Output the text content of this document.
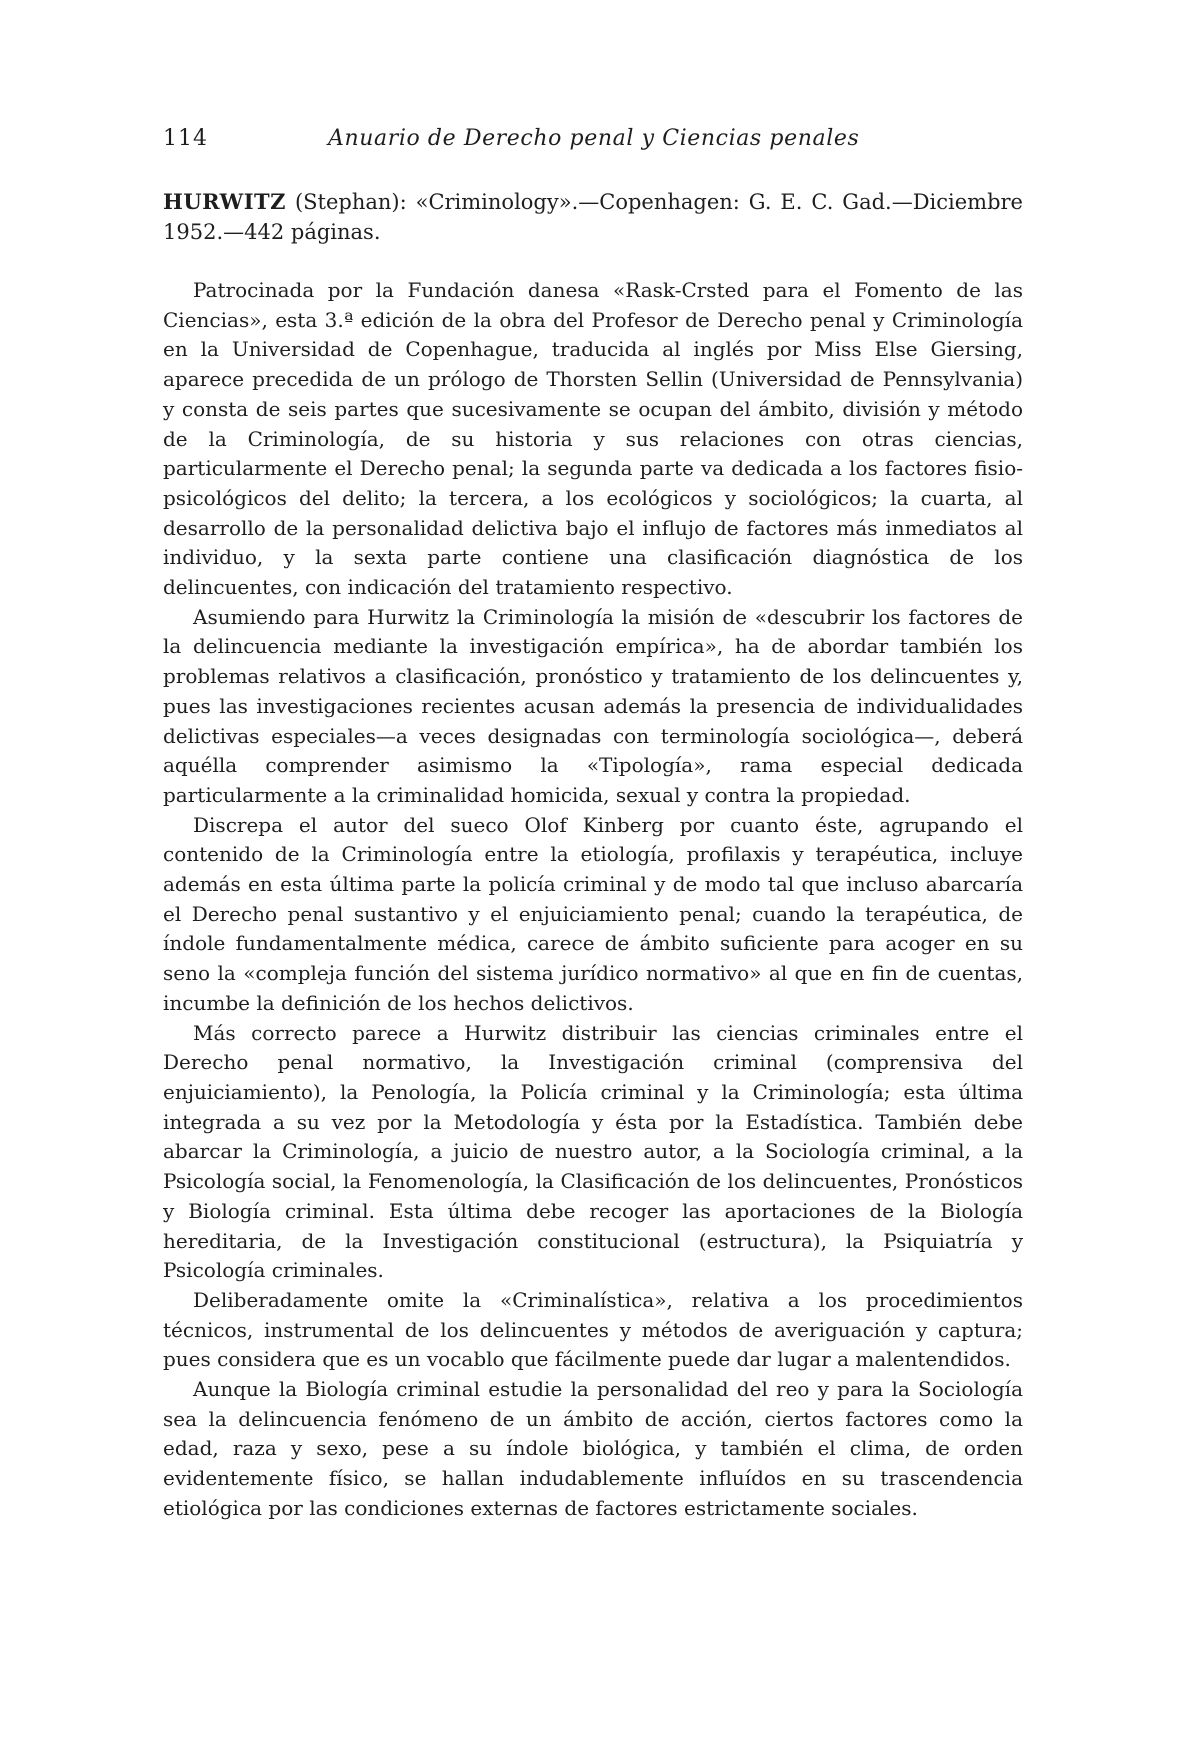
114	Anuario de Derecho penal y Ciencias penales
HURWITZ (Stephan): «Criminology».—Copenhagen: G. E. C. Gad.—Diciembre 1952.—442 páginas.

Patrocinada por la Fundación danesa «Rask-Crsted para el Fomento de las Ciencias», esta 3.ª edición de la obra del Profesor de Derecho penal y Criminología en la Universidad de Copenhague, traducida al inglés por Miss Else Giersing, aparece precedida de un prólogo de Thorsten Sellin (Universidad de Pennsylvania) y consta de seis partes que sucesivamente se ocupan del ámbito, división y método de la Criminología, de su historia y sus relaciones con otras ciencias, particularmente el Derecho penal; la segunda parte va dedicada a los factores fisio-psicológicos del delito; la tercera, a los ecológicos y sociológicos; la cuarta, al desarrollo de la personalidad delictiva bajo el influjo de factores más inmediatos al individuo, y la sexta parte contiene una clasificación diagnóstica de los delincuentes, con indicación del tratamiento respectivo.

Asumiendo para Hurwitz la Criminología la misión de «descubrir los factores de la delincuencia mediante la investigación empírica», ha de abordar también los problemas relativos a clasificación, pronóstico y tratamiento de los delincuentes y, pues las investigaciones recientes acusan además la presencia de individualidades delictivas especiales—a veces designadas con terminología sociológica—, deberá aquélla comprender asimismo la «Tipología», rama especial dedicada particularmente a la criminalidad homicida, sexual y contra la propiedad.

Discrepa el autor del sueco Olof Kinberg por cuanto éste, agrupando el contenido de la Criminología entre la etiología, profilaxis y terapéutica, incluye además en esta última parte la policía criminal y de modo tal que incluso abarcaría el Derecho penal sustantivo y el enjuiciamiento penal; cuando la terapéutica, de índole fundamentalmente médica, carece de ámbito suficiente para acoger en su seno la «compleja función del sistema jurídico normativo» al que en fin de cuentas, incumbe la definición de los hechos delictivos.

Más correcto parece a Hurwitz distribuir las ciencias criminales entre el Derecho penal normativo, la Investigación criminal (comprensiva del enjuiciamiento), la Penología, la Policía criminal y la Criminología; esta última integrada a su vez por la Metodología y ésta por la Estadística. También debe abarcar la Criminología, a juicio de nuestro autor, a la Sociología criminal, a la Psicología social, la Fenomenología, la Clasificación de los delincuentes, Pronósticos y Biología criminal. Esta última debe recoger las aportaciones de la Biología hereditaria, de la Investigación constitucional (estructura), la Psiquiatría y Psicología criminales.

Deliberadamente omite la «Criminalística», relativa a los procedimientos técnicos, instrumental de los delincuentes y métodos de averiguación y captura; pues considera que es un vocablo que fácilmente puede dar lugar a malentendidos.

Aunque la Biología criminal estudie la personalidad del reo y para la Sociología sea la delincuencia fenómeno de un ámbito de acción, ciertos factores como la edad, raza y sexo, pese a su índole biológica, y también el clima, de orden evidentemente físico, se hallan indudablemente influídos en su trascendencia etiológica por las condiciones externas de factores estrictamente sociales.
